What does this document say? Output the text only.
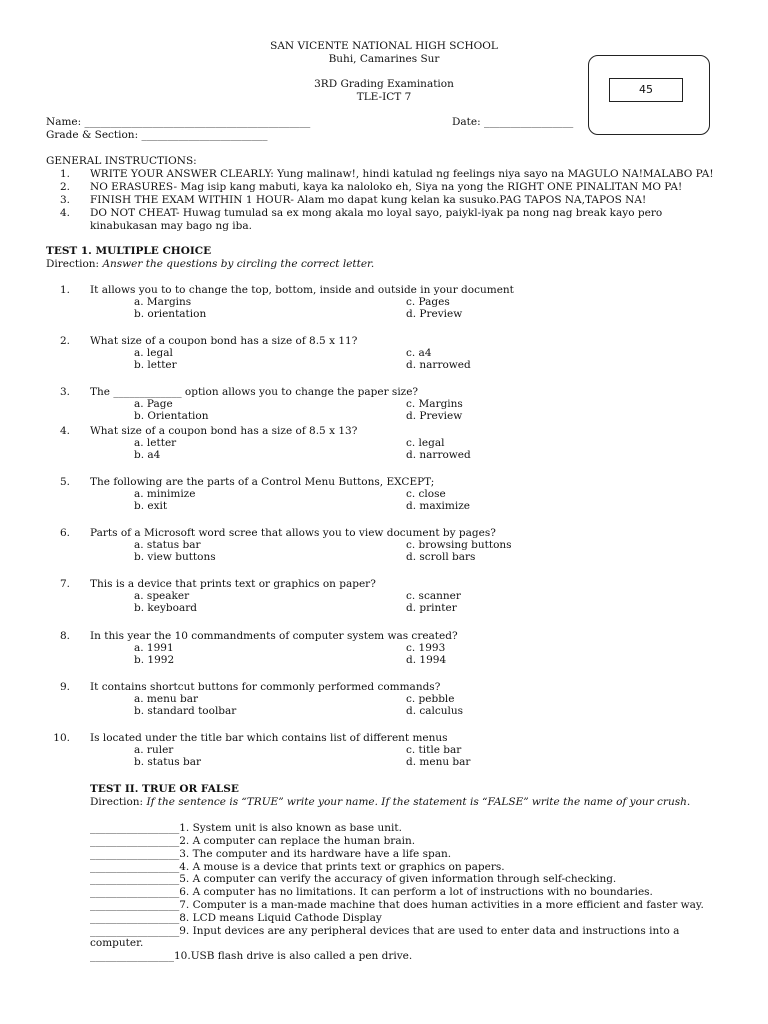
SAN VICENTE NATIONAL HIGH SCHOOL
Buhi, Camarines Sur
3RD Grading Examination
TLE-ICT 7
45
Name: ___________________________________________	Date: _________________
Grade & Section: ________________________
GENERAL INSTRUCTIONS:
1. WRITE YOUR ANSWER CLEARLY: Yung malinaw!, hindi katulad ng feelings niya sayo na MAGULO NA!MALABO PA!
2. NO ERASURES- Mag isip kang mabuti, kaya ka naloloko eh, Siya na yong the RIGHT ONE PINALITAN MO PA!
3. FINISH THE EXAM WITHIN 1 HOUR- Alam mo dapat kung kelan ka susuko.PAG TAPOS NA,TAPOS NA!
4. DO NOT CHEAT- Huwag tumulad sa ex mong akala mo loyal sayo, paiykl-iyak pa nong nag break kayo pero
kinabukasan may bago ng iba.
TEST 1. MULTIPLE CHOICE
Direction: Answer the questions by circling the correct letter.
1. It allows you to to change the top, bottom, inside and outside in your document
a. Margins
b. orientation
c. Pages
d. Preview
2. What size of a coupon bond has a size of 8.5 x 11?
a. legal
b. letter
c. a4
d. narrowed
3. The _____________ option allows you to change the paper size?
a. Page
b. Orientation
c. Margins
d. Preview
4. What size of a coupon bond has a size of 8.5 x 13?
a. letter
b. a4
c. legal
d. narrowed
5. The following are the parts of a Control Menu Buttons, EXCEPT;
a. minimize
b. exit
c. close
d. maximize
6. Parts of a Microsoft word scree that allows you to view document by pages?
a. status bar
b. view buttons
c. browsing buttons
d. scroll bars
7. This is a device that prints text or graphics on paper?
a. speaker
b. keyboard
c. scanner
d. printer
8. In this year the 10 commandments of computer system was created?
a. 1991
b. 1992
c. 1993
d. 1994
9. It contains shortcut buttons for commonly performed commands?
a. menu bar
b. standard toolbar
c. pebble
d. calculus
10. Is located under the title bar which contains list of different menus
a. ruler
b. status bar
c. title bar
d. menu bar
TEST II. TRUE OR FALSE
Direction: If the sentence is “TRUE” write your name. If the statement is “FALSE” write the name of your crush.
_________________1. System unit is also known as base unit.
_________________2. A computer can replace the human brain.
_________________3. The computer and its hardware have a life span.
_________________4. A mouse is a device that prints text or graphics on papers.
_________________5. A computer can verify the accuracy of given information through self-checking.
_________________6. A computer has no limitations. It can perform a lot of instructions with no boundaries.
_________________7. Computer is a man-made machine that does human activities in a more efficient and faster way.
_________________8. LCD means Liquid Cathode Display
_________________9. Input devices are any peripheral devices that are used to enter data and instructions into a
computer.
________________10.USB flash drive is also called a pen drive.
